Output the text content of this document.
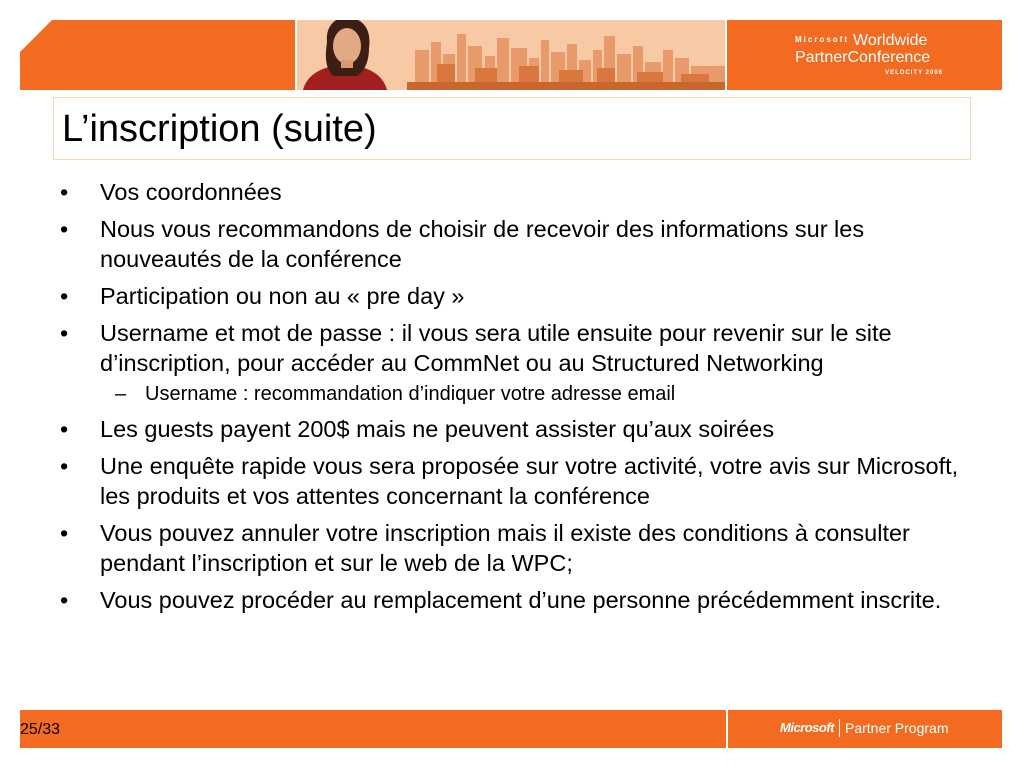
Microsoft Worldwide
PartnerConference
VELOCITY 2006
L’inscription (suite)
• Vos coordonnées
• Nous vous recommandons de choisir de recevoir des informations sur les nouveautés de la conférence
• Participation ou non au « pre day »
• Username et mot de passe : il vous sera utile ensuite pour revenir sur le site d’inscription, pour accéder au CommNet ou au Structured Networking
– Username : recommandation d’indiquer votre adresse email
• Les guests payent 200$ mais ne peuvent assister qu’aux soirées
• Une enquête rapide vous sera proposée sur votre activité, votre avis sur Microsoft, les produits et vos attentes concernant la conférence
• Vous pouvez annuler votre inscription mais il existe des conditions à consulter pendant l’inscription et sur le web de la WPC;
• Vous pouvez procéder au remplacement d’une personne précédemment inscrite.
25/33	Microsoft Partner Program
